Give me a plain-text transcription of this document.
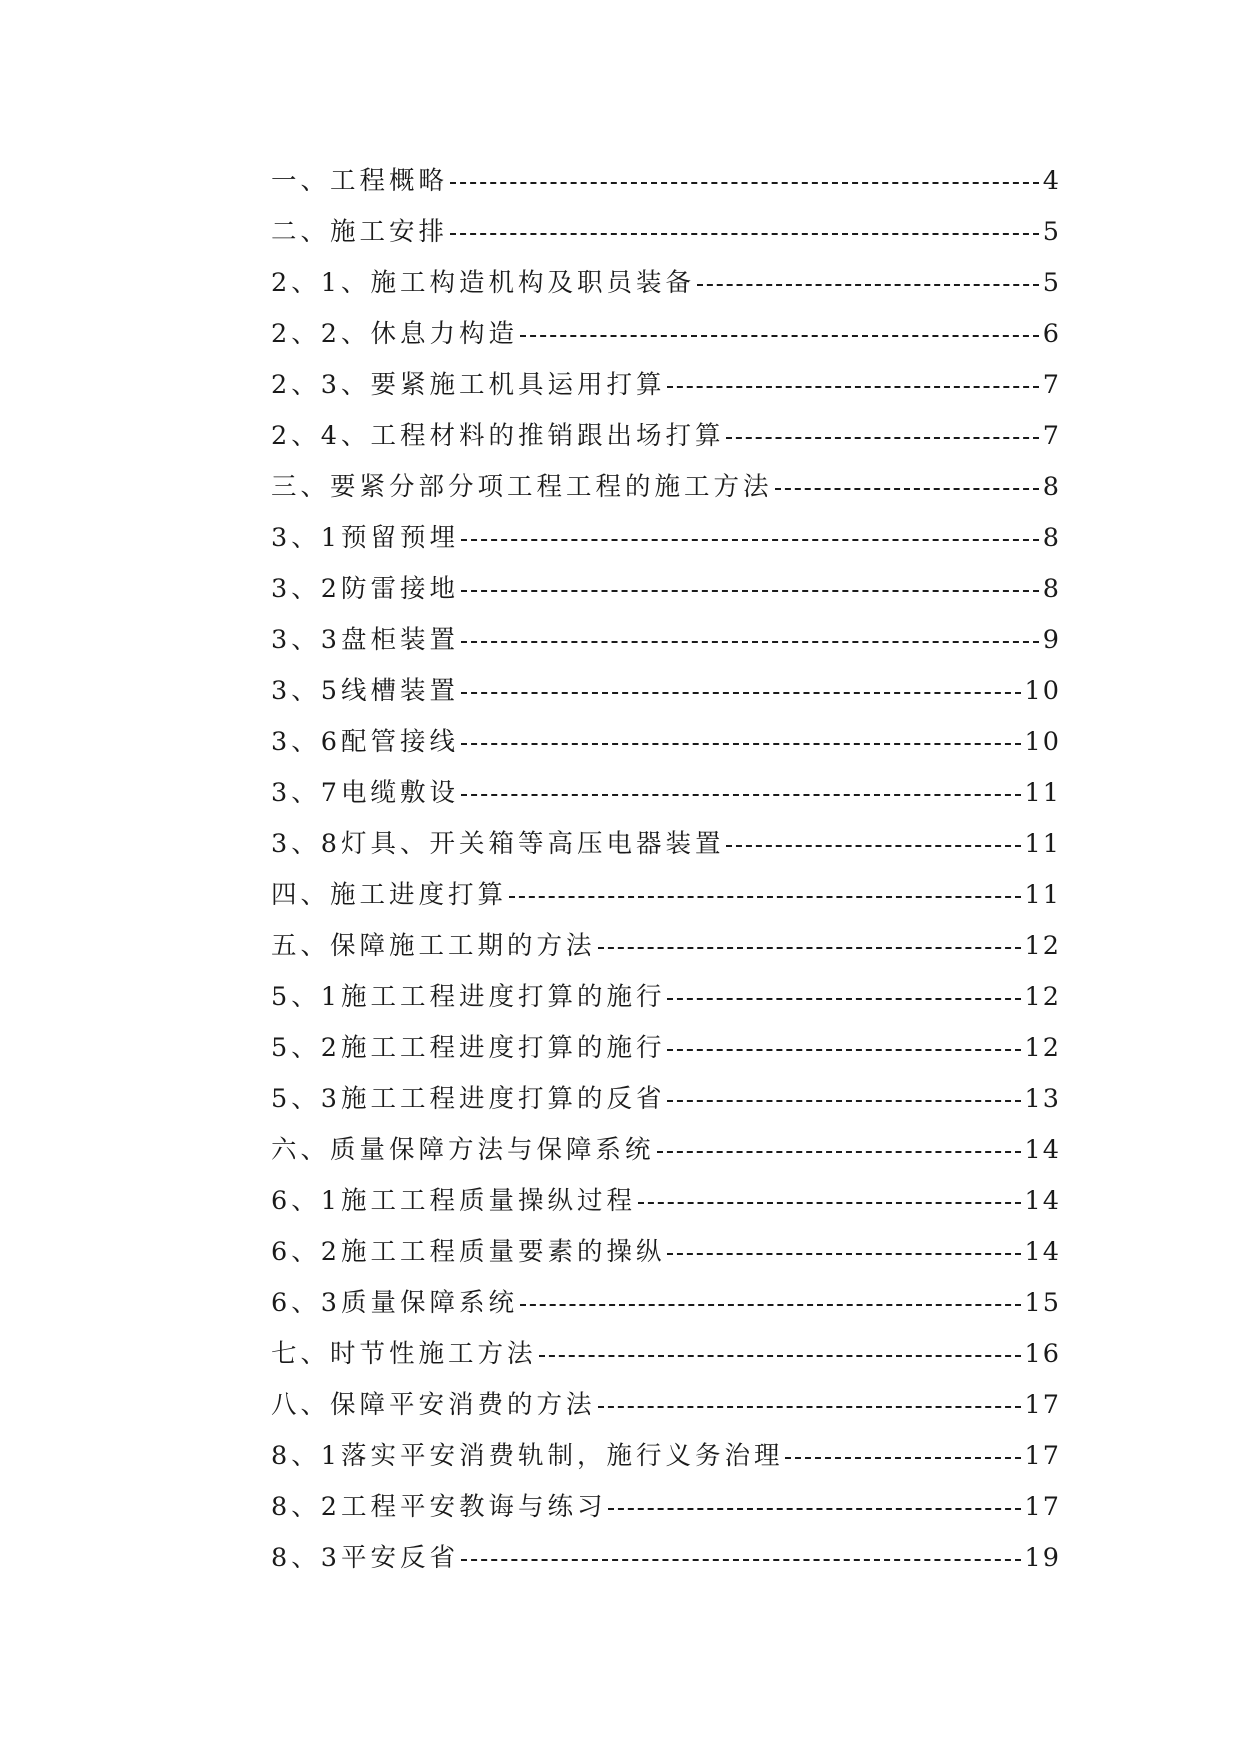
一、工程概略	4
二、施工安排	5
2、1、施工构造机构及职员装备	5
2、2、休息力构造	6
2、3、要紧施工机具运用打算	7
2、4、工程材料的推销跟出场打算	7
三、要紧分部分项工程工程的施工方法	8
3、1预留预埋	8
3、2防雷接地	8
3、3盘柜装置	9
3、5线槽装置	10
3、6配管接线	10
3、7电缆敷设	11
3、8灯具、开关箱等高压电器装置	11
四、施工进度打算	11
五、保障施工工期的方法	12
5、1施工工程进度打算的施行	12
5、2施工工程进度打算的施行	12
5、3施工工程进度打算的反省	13
六、质量保障方法与保障系统	14
6、1施工工程质量操纵过程	14
6、2施工工程质量要素的操纵	14
6、3质量保障系统	15
七、时节性施工方法	16
八、保障平安消费的方法	17
8、1落实平安消费轨制，施行义务治理	17
8、2工程平安教诲与练习	17
8、3平安反省	19
